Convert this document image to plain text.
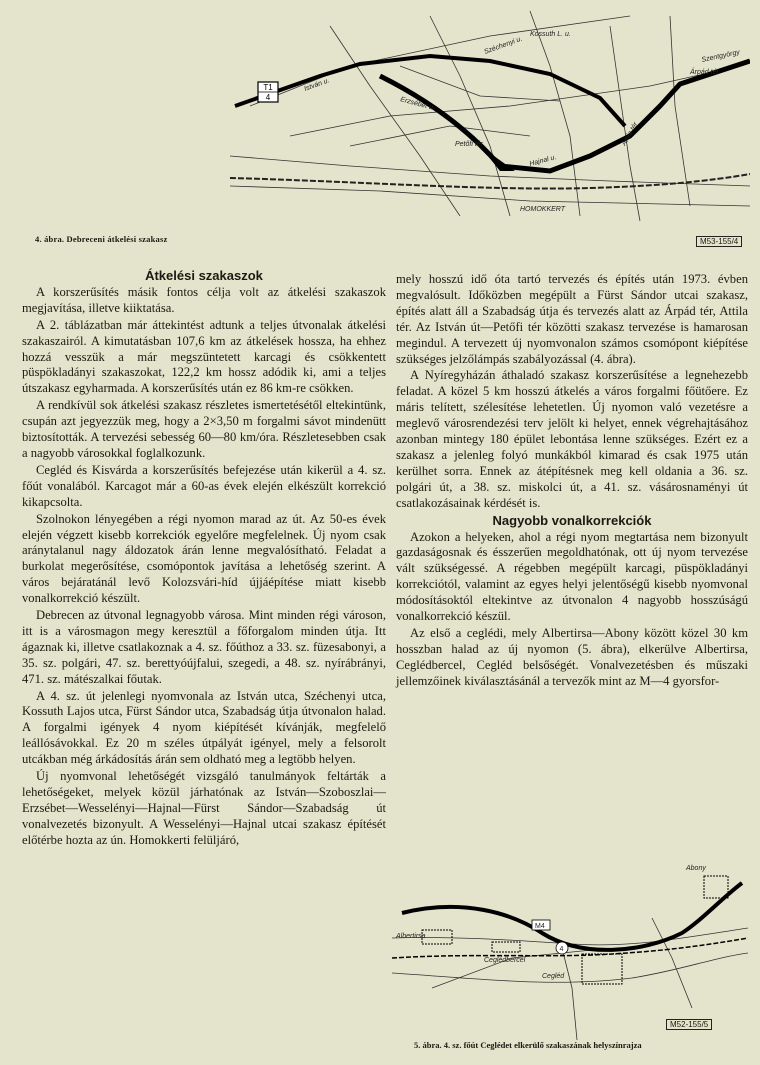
T1
4
HOMOKKERT
Kossuth L. u.
Széchenyi u.
Árpád tér
Erzsébet u.
István u.
Petőfi tér
Hajnal u.
Attila tér
Szentgyörgy
4. ábra. Debreceni átkelési szakasz	M53-155/4

Átkelési szakaszok

A korszerűsítés másik fontos célja volt az átkelési szakaszok megjavítása, illetve kiiktatása.

A 2. táblázatban már áttekintést adtunk a teljes útvonalak átkelési szakaszairól. A kimutatásban 107,6 km az átkelések hossza, ha ehhez hozzá vesszük a már megszüntetett karcagi és csökkentett püspökladányi szakaszokat, 122,2 km hossz adódik ki, ami a teljes útszakasz egyharmada. A korszerűsítés után ez 86 km-re csökken.

A rendkívül sok átkelési szakasz részletes ismertetésétől eltekintünk, csupán azt jegyezzük meg, hogy a 2×3,50 m forgalmi sávot mindenütt biztosították. A tervezési sebesség 60—80 km/óra. Részletesebben csak a nagyobb városokkal foglalkozunk.

Cegléd és Kisvárda a korszerűsítés befejezése után kikerül a 4. sz. főút vonalából. Karcagot már a 60-as évek elején elkészült korrekció kikapcsolta.

Szolnokon lényegében a régi nyomon marad az út. Az 50-es évek elején végzett kisebb korrekciók egyelőre megfelelnek. Új nyom csak aránytalanul nagy áldozatok árán lenne megvalósítható. Feladat a burkolat megerősítése, csomópontok javítása a lehetőség szerint. A város bejáratánál levő Kolozsvári-híd újjáépítése miatt kisebb vonalkorrekció készült.

Debrecen az útvonal legnagyobb városa. Mint minden régi városon, itt is a városmagon megy keresztül a főforgalom minden útja. Itt ágaznak ki, illetve csatlakoznak a 4. sz. főúthoz a 33. sz. füzesabonyi, a 35. sz. polgári, 47. sz. berettyóújfalui, szegedi, a 48. sz. nyírábrányi, 471. sz. mátészalkai főutak.

A 4. sz. út jelenlegi nyomvonala az István utca, Széchenyi utca, Kossuth Lajos utca, Fürst Sándor utca, Szabadság útja útvonalon halad. A forgalmi igények 4 nyom kiépítését kívánják, megfelelő leállósávokkal. Ez 20 m széles útpályát igényel, mely a felsorolt utcákban még árkádosítás árán sem oldható meg a legtöbb helyen.

Új nyomvonal lehetőségét vizsgáló tanulmányok feltárták a lehetőségeket, melyek közül járhatónak az István—Szoboszlai—Erzsébet—Wesselényi—Hajnal—Fürst Sándor—Szabadság út vonalvezetés bizonyult. A Wesselényi—Hajnal utcai szakasz építését előtérbe hozta az ún. Homokkerti felüljáró,

mely hosszú idő óta tartó tervezés és építés után 1973. évben megvalósult. Időközben megépült a Fürst Sándor utcai szakasz, építés alatt áll a Szabadság útja és tervezés alatt az Árpád tér, Attila tér. Az István út—Petőfi tér közötti szakasz tervezése is hamarosan megindul. A tervezett új nyomvonalon számos csomópont kiépítése szükséges jelzőlámpás szabályozással (4. ábra).

A Nyíregyházán áthaladó szakasz korszerűsítése a legnehezebb feladat. A közel 5 km hosszú átkelés a város forgalmi főütőere. Ez máris telített, szélesítése lehetetlen. Új nyomon való vezetésre a meglevő városrendezési terv jelölt ki helyet, ennek végrehajtásához azonban mintegy 180 épület lebontása lenne szükséges. Ezért ez a szakasz a jelenleg folyó munkákból kimarad és csak 1975 után kerülhet sorra. Ennek az átépítésnek meg kell oldania a 36. sz. polgári út, a 38. sz. miskolci út, a 41. sz. vásárosnaményi út csatlakozásainak kérdését is.

Nagyobb vonalkorrekciók

Azokon a helyeken, ahol a régi nyom megtartása nem bizonyult gazdaságosnak és ésszerűen megoldhatónak, ott új nyom tervezése vált szükségessé. A régebben megépült karcagi, püspökladányi korrekciótól, valamint az egyes helyi jelentőségű kisebb nyomvonal módosításoktól eltekintve az útvonalon 4 nagyobb hosszúságú vonalkorrekció készül.

Az első a ceglédi, mely Albertirsa—Abony között közel 30 km hosszban halad az új nyomon (5. ábra), elkerülve Albertirsa, Ceglédbercel, Cegléd belsőségét. Vonalvezetésben és műszaki jellemzőinek kiválasztásánál a tervezők mint az M—4 gyorsfor-

Abony
M4
Albertirsa
Ceglédbercel
Cegléd
4
M52-155/5
5. ábra. 4. sz. főút Ceglédet elkerülő szakaszának helyszínrajza
